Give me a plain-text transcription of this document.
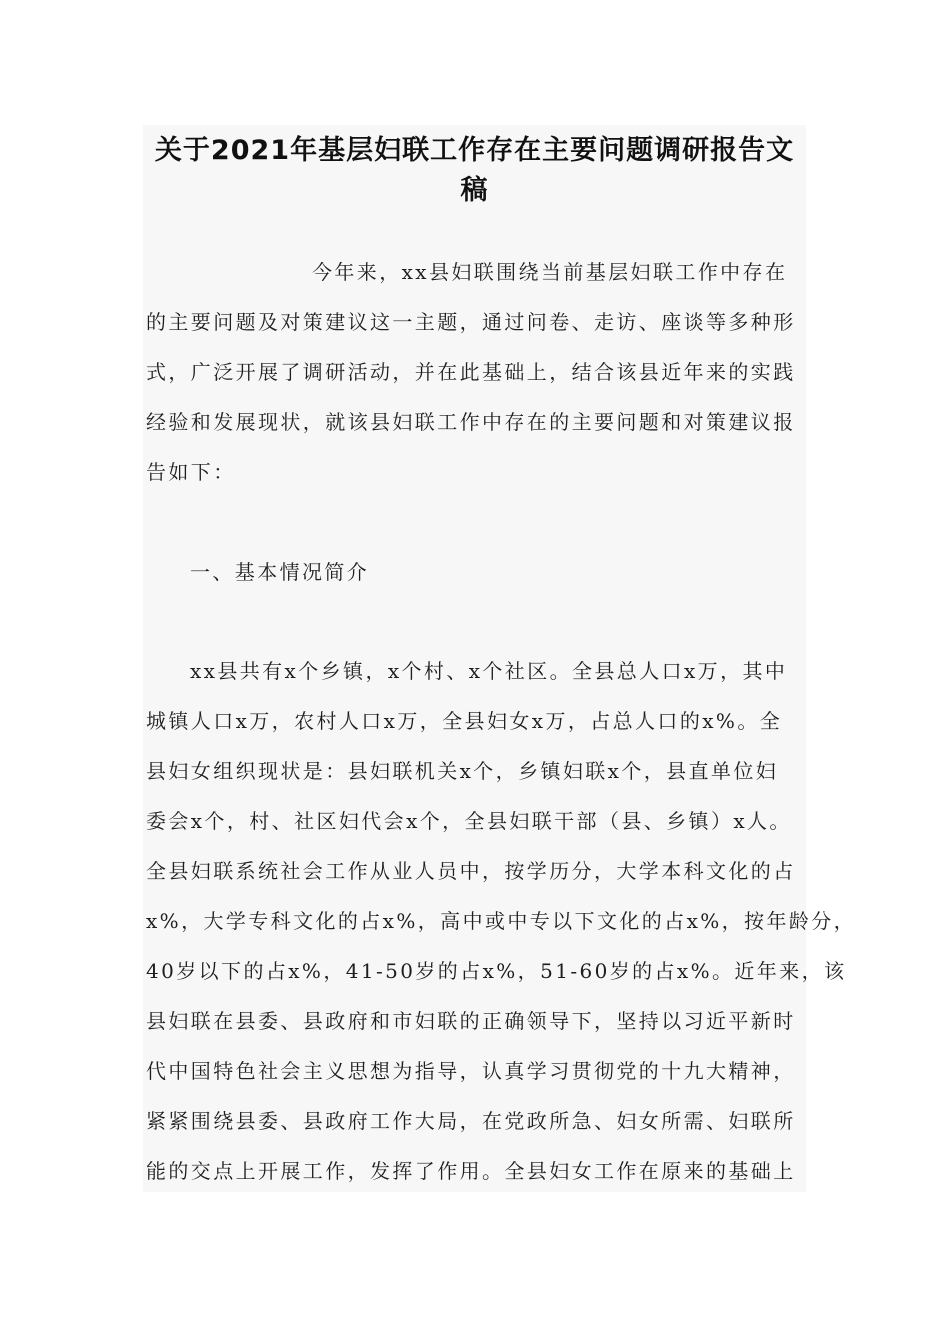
关于2021年基层妇联工作存在主要问题调研报告文
稿
今年来，xx县妇联围绕当前基层妇联工作中存在
的主要问题及对策建议这一主题，通过问卷、走访、座谈等多种形
式，广泛开展了调研活动，并在此基础上，结合该县近年来的实践
经验和发展现状，就该县妇联工作中存在的主要问题和对策建议报
告如下：
一、基本情况简介
xx县共有x个乡镇，x个村、x个社区。全县总人口x万，其中
城镇人口x万，农村人口x万，全县妇女x万，占总人口的x%。全
县妇女组织现状是：县妇联机关x个，乡镇妇联x个，县直单位妇
委会x个，村、社区妇代会x个，全县妇联干部（县、乡镇）x人。
全县妇联系统社会工作从业人员中，按学历分，大学本科文化的占
x%，大学专科文化的占x%，高中或中专以下文化的占x%，按年龄分，
40岁以下的占x%，41-50岁的占x%，51-60岁的占x%。近年来，该
县妇联在县委、县政府和市妇联的正确领导下，坚持以习近平新时
代中国特色社会主义思想为指导，认真学习贯彻党的十九大精神，
紧紧围绕县委、县政府工作大局，在党政所急、妇女所需、妇联所
能的交点上开展工作，发挥了作用。全县妇女工作在原来的基础上
